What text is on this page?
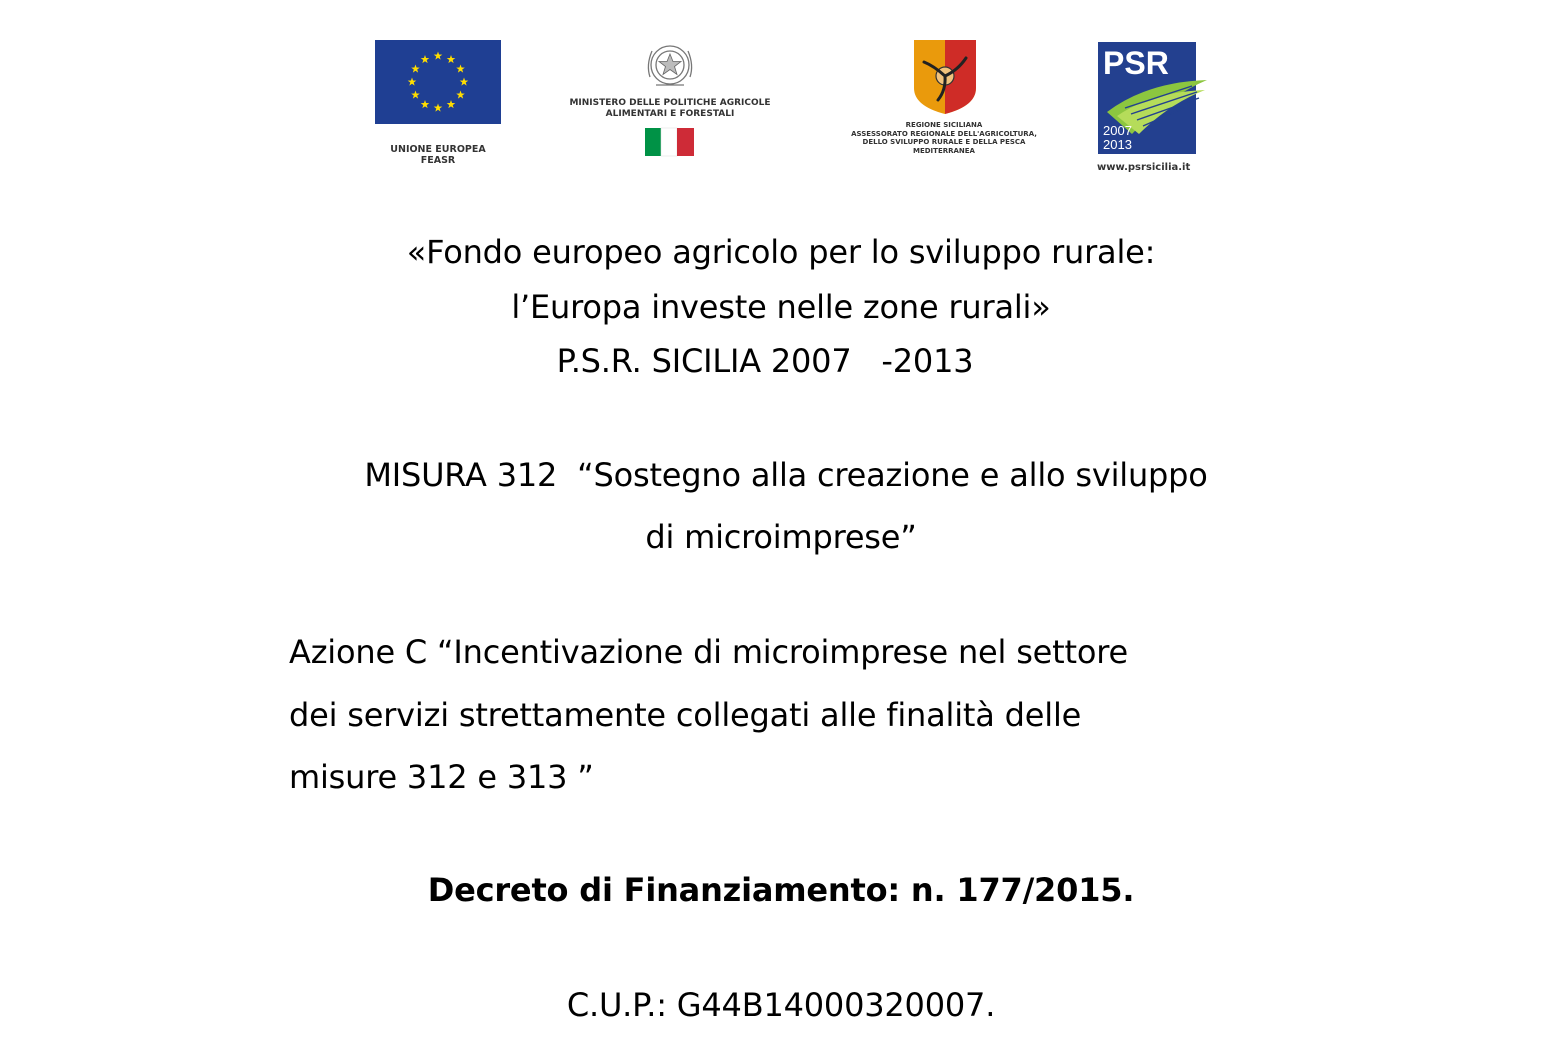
UNIONE EUROPEA
FEASR
MINISTERO DELLE POLITICHE AGRICOLE
ALIMENTARI E FORESTALI
REGIONE SICILIANA
ASSESSORATO REGIONALE DELL'AGRICOLTURA,
DELLO SVILUPPO RURALE E DELLA PESCA
MEDITERRANEA
PSR
2007
2013
www.psrsicilia.it
«Fondo europeo agricolo per lo sviluppo rurale:
l’Europa investe nelle zone rurali»
P.S.R. SICILIA 2007   -2013
MISURA 312  “Sostegno alla creazione e allo sviluppo
di microimprese”
Azione C “Incentivazione di microimprese nel settore
dei servizi strettamente collegati alle finalità delle
misure 312 e 313 ”
Decreto di Finanziamento: n. 177/2015.
C.U.P.: G44B14000320007.
